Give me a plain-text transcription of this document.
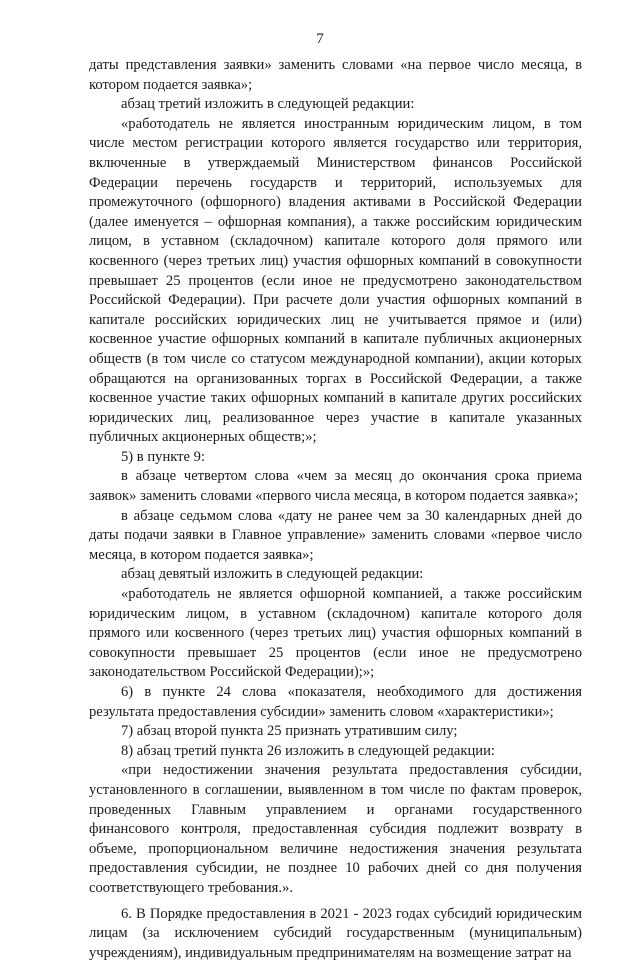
7

даты представления заявки» заменить словами «на первое число месяца, в котором подается заявка»;

абзац третий изложить в следующей редакции:

«работодатель не является иностранным юридическим лицом, в том числе местом регистрации которого является государство или территория, включенные в утверждаемый Министерством финансов Российской Федерации перечень государств и территорий, используемых для промежуточного (офшорного) владения активами в Российской Федерации (далее именуется – офшорная компания), а также российским юридическим лицом, в уставном (складочном) капитале которого доля прямого или косвенного (через третьих лиц) участия офшорных компаний в совокупности превышает 25 процентов (если иное не предусмотрено законодательством Российской Федерации). При расчете доли участия офшорных компаний в капитале российских юридических лиц не учитывается прямое и (или) косвенное участие офшорных компаний в капитале публичных акционерных обществ (в том числе со статусом международной компании), акции которых обращаются на организованных торгах в Российской Федерации, а также косвенное участие таких офшорных компаний в капитале других российских юридических лиц, реализованное через участие в капитале указанных публичных акционерных обществ;»;

5) в пункте 9:

в абзаце четвертом слова «чем за месяц до окончания срока приема заявок» заменить словами «первого числа месяца, в котором подается заявка»;

в абзаце седьмом слова «дату не ранее чем за 30 календарных дней до даты подачи заявки в Главное управление» заменить словами «первое число месяца, в котором подается заявка»;

абзац девятый изложить в следующей редакции:

«работодатель не является офшорной компанией, а также российским юридическим лицом, в уставном (складочном) капитале которого доля прямого или косвенного (через третьих лиц) участия офшорных компаний в совокупности превышает 25 процентов (если иное не предусмотрено законодательством Российской Федерации);»;

6) в пункте 24 слова «показателя, необходимого для достижения результата предоставления субсидии» заменить словом «характеристики»;

7) абзац второй пункта 25 признать утратившим силу;

8) абзац третий пункта 26 изложить в следующей редакции:

«при недостижении значения результата предоставления субсидии, установленного в соглашении, выявленном в том числе по фактам проверок, проведенных Главным управлением и органами государственного финансового контроля, предоставленная субсидия подлежит возврату в объеме, пропорциональном величине недостижения значения результата предоставления субсидии, не позднее 10 рабочих дней со дня получения соответствующего требования.».

6. В Порядке предоставления в 2021 - 2023 годах субсидий юридическим лицам (за исключением субсидий государственным (муниципальным) учреждениям), индивидуальным предпринимателям на возмещение затрат на
